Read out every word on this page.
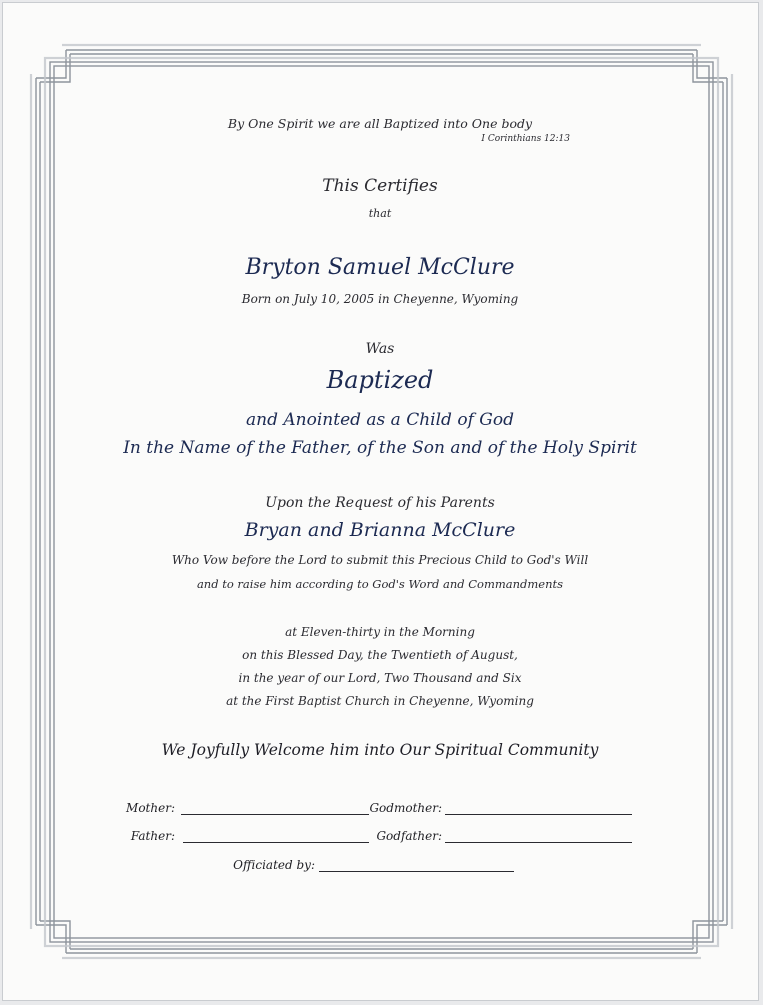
By One Spirit we are all Baptized into One body
I Corinthians 12:13
This Certifies
that
Bryton Samuel McClure
Born on July 10, 2005 in Cheyenne, Wyoming
Was
Baptized
and Anointed as a Child of God
In the Name of the Father, of the Son and of the Holy Spirit
Upon the Request of his Parents
Bryan and Brianna McClure
Who Vow before the Lord to submit this Precious Child to God's Will
and to raise him according to God's Word and Commandments
at Eleven-thirty in the Morning
on this Blessed Day, the Twentieth of August,
in the year of our Lord, Two Thousand and Six
at the First Baptist Church in Cheyenne, Wyoming
We Joyfully Welcome him into Our Spiritual Community
Mother:	Godmother:
Father:	Godfather:
Officiated by:
